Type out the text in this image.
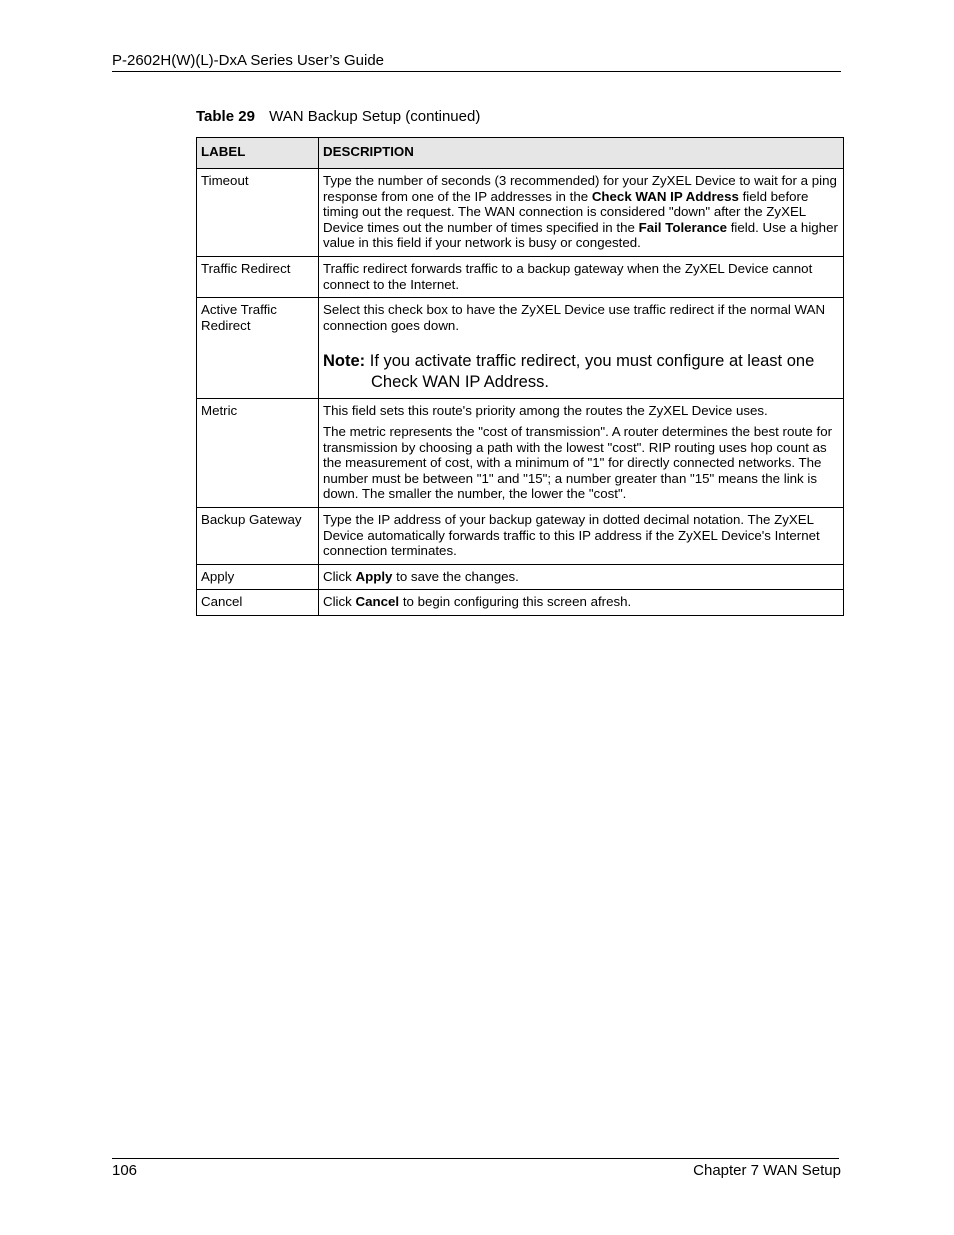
P-2602H(W)(L)-DxA Series User’s Guide
Table 29 WAN Backup Setup (continued)
LABEL	DESCRIPTION
Timeout	Type the number of seconds (3 recommended) for your ZyXEL Device to wait for a ping response from one of the IP addresses in the Check WAN IP Address field before timing out the request. The WAN connection is considered "down" after the ZyXEL Device times out the number of times specified in the Fail Tolerance field. Use a higher value in this field if your network is busy or congested.
Traffic Redirect	Traffic redirect forwards traffic to a backup gateway when the ZyXEL Device cannot connect to the Internet.
Active Traffic Redirect	Select this check box to have the ZyXEL Device use traffic redirect if the normal WAN connection goes down.
Note: If you activate traffic redirect, you must configure at least one Check WAN IP Address.

Metric	This field sets this route's priority among the routes the ZyXEL Device uses.
The metric represents the "cost of transmission". A router determines the best route for transmission by choosing a path with the lowest "cost". RIP routing uses hop count as the measurement of cost, with a minimum of "1" for directly connected networks. The number must be between "1" and "15"; a number greater than "15" means the link is down. The smaller the number, the lower the "cost".

Backup Gateway	Type the IP address of your backup gateway in dotted decimal notation. The ZyXEL Device automatically forwards traffic to this IP address if the ZyXEL Device's Internet connection terminates.
Apply	Click Apply to save the changes.
Cancel	Click Cancel to begin configuring this screen afresh.
106	Chapter 7 WAN Setup
